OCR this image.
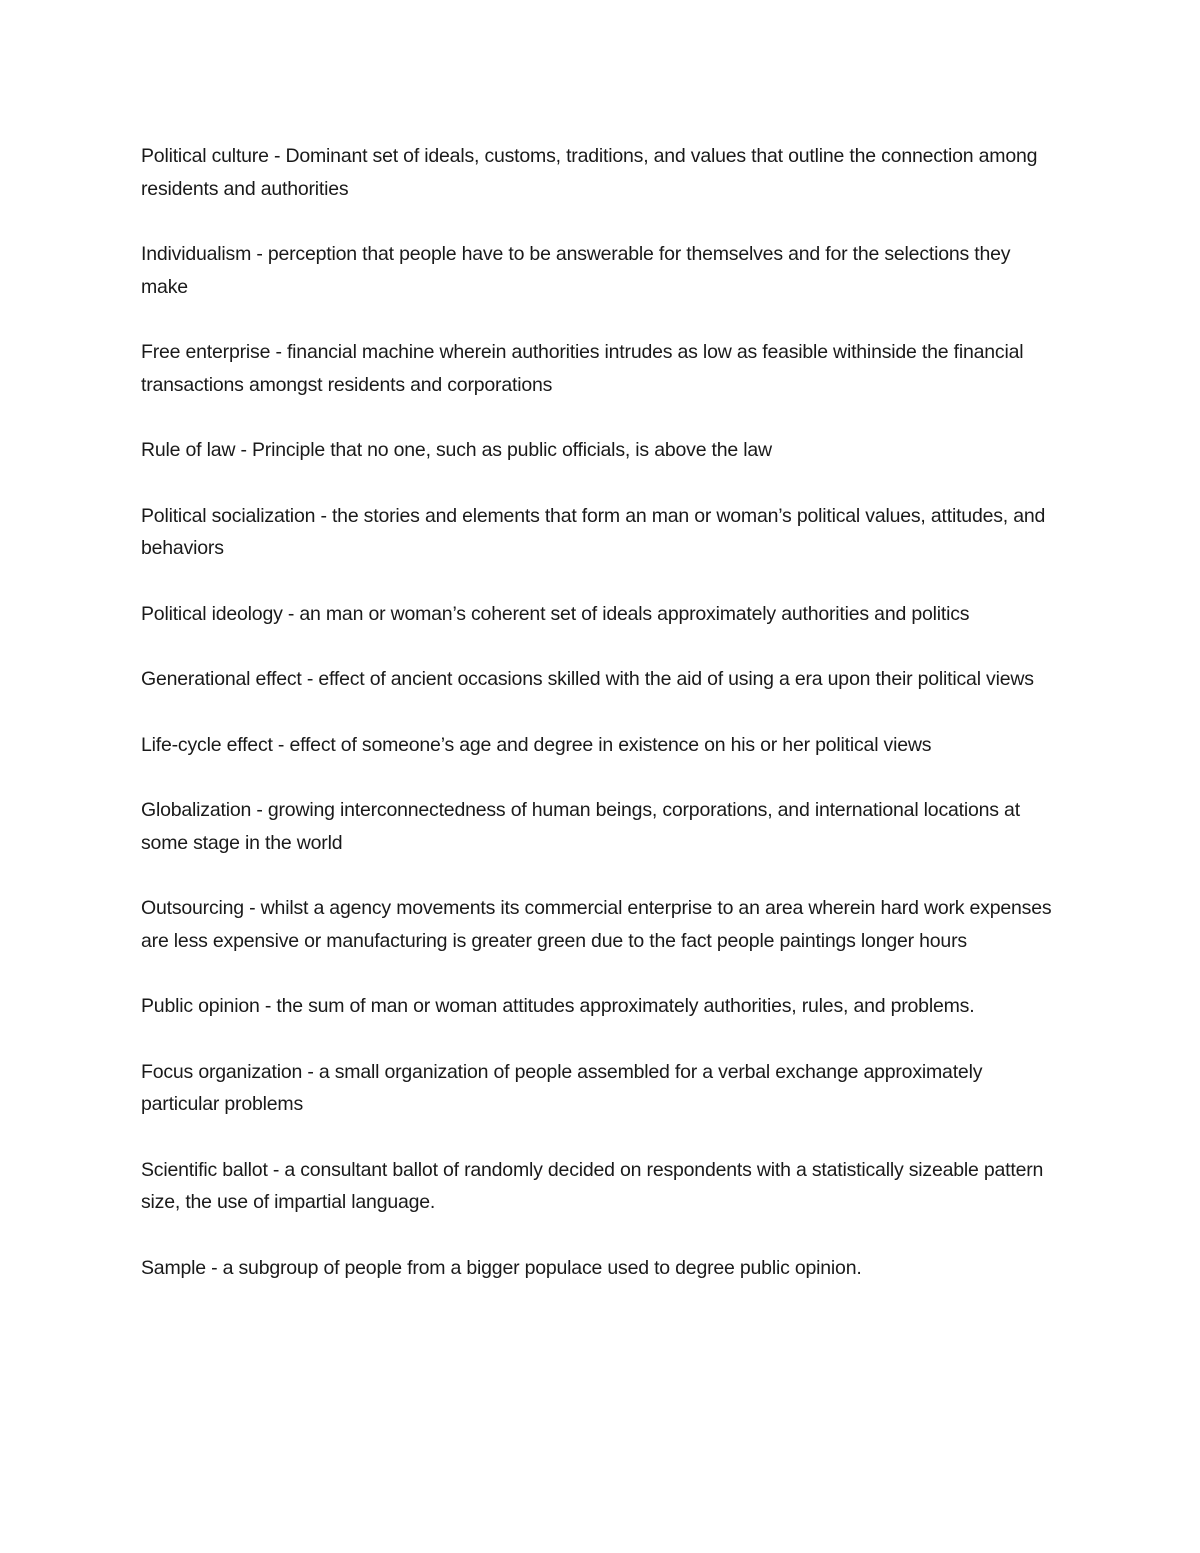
Political culture - Dominant set of ideals, customs, traditions, and values that outline the connection among residents and authorities

Individualism - perception that people have to be answerable for themselves and for the selections they make

Free enterprise - financial machine wherein authorities intrudes as low as feasible withinside the financial transactions amongst residents and corporations

Rule of law - Principle that no one, such as public officials, is above the law

Political socialization - the stories and elements that form an man or woman’s political values, attitudes, and behaviors

Political ideology - an man or woman’s coherent set of ideals approximately authorities and politics

Generational effect - effect of ancient occasions skilled with the aid of using a era upon their political views

Life-cycle effect - effect of someone’s age and degree in existence on his or her political views

Globalization - growing interconnectedness of human beings, corporations, and international locations at some stage in the world

Outsourcing - whilst a agency movements its commercial enterprise to an area wherein hard work expenses are less expensive or manufacturing is greater green due to the fact people paintings longer hours

Public opinion - the sum of man or woman attitudes approximately authorities, rules, and problems.

Focus organization - a small organization of people assembled for a verbal exchange approximately particular problems

Scientific ballot - a consultant ballot of randomly decided on respondents with a statistically sizeable pattern size, the use of impartial language.

Sample - a subgroup of people from a bigger populace used to degree public opinion.
